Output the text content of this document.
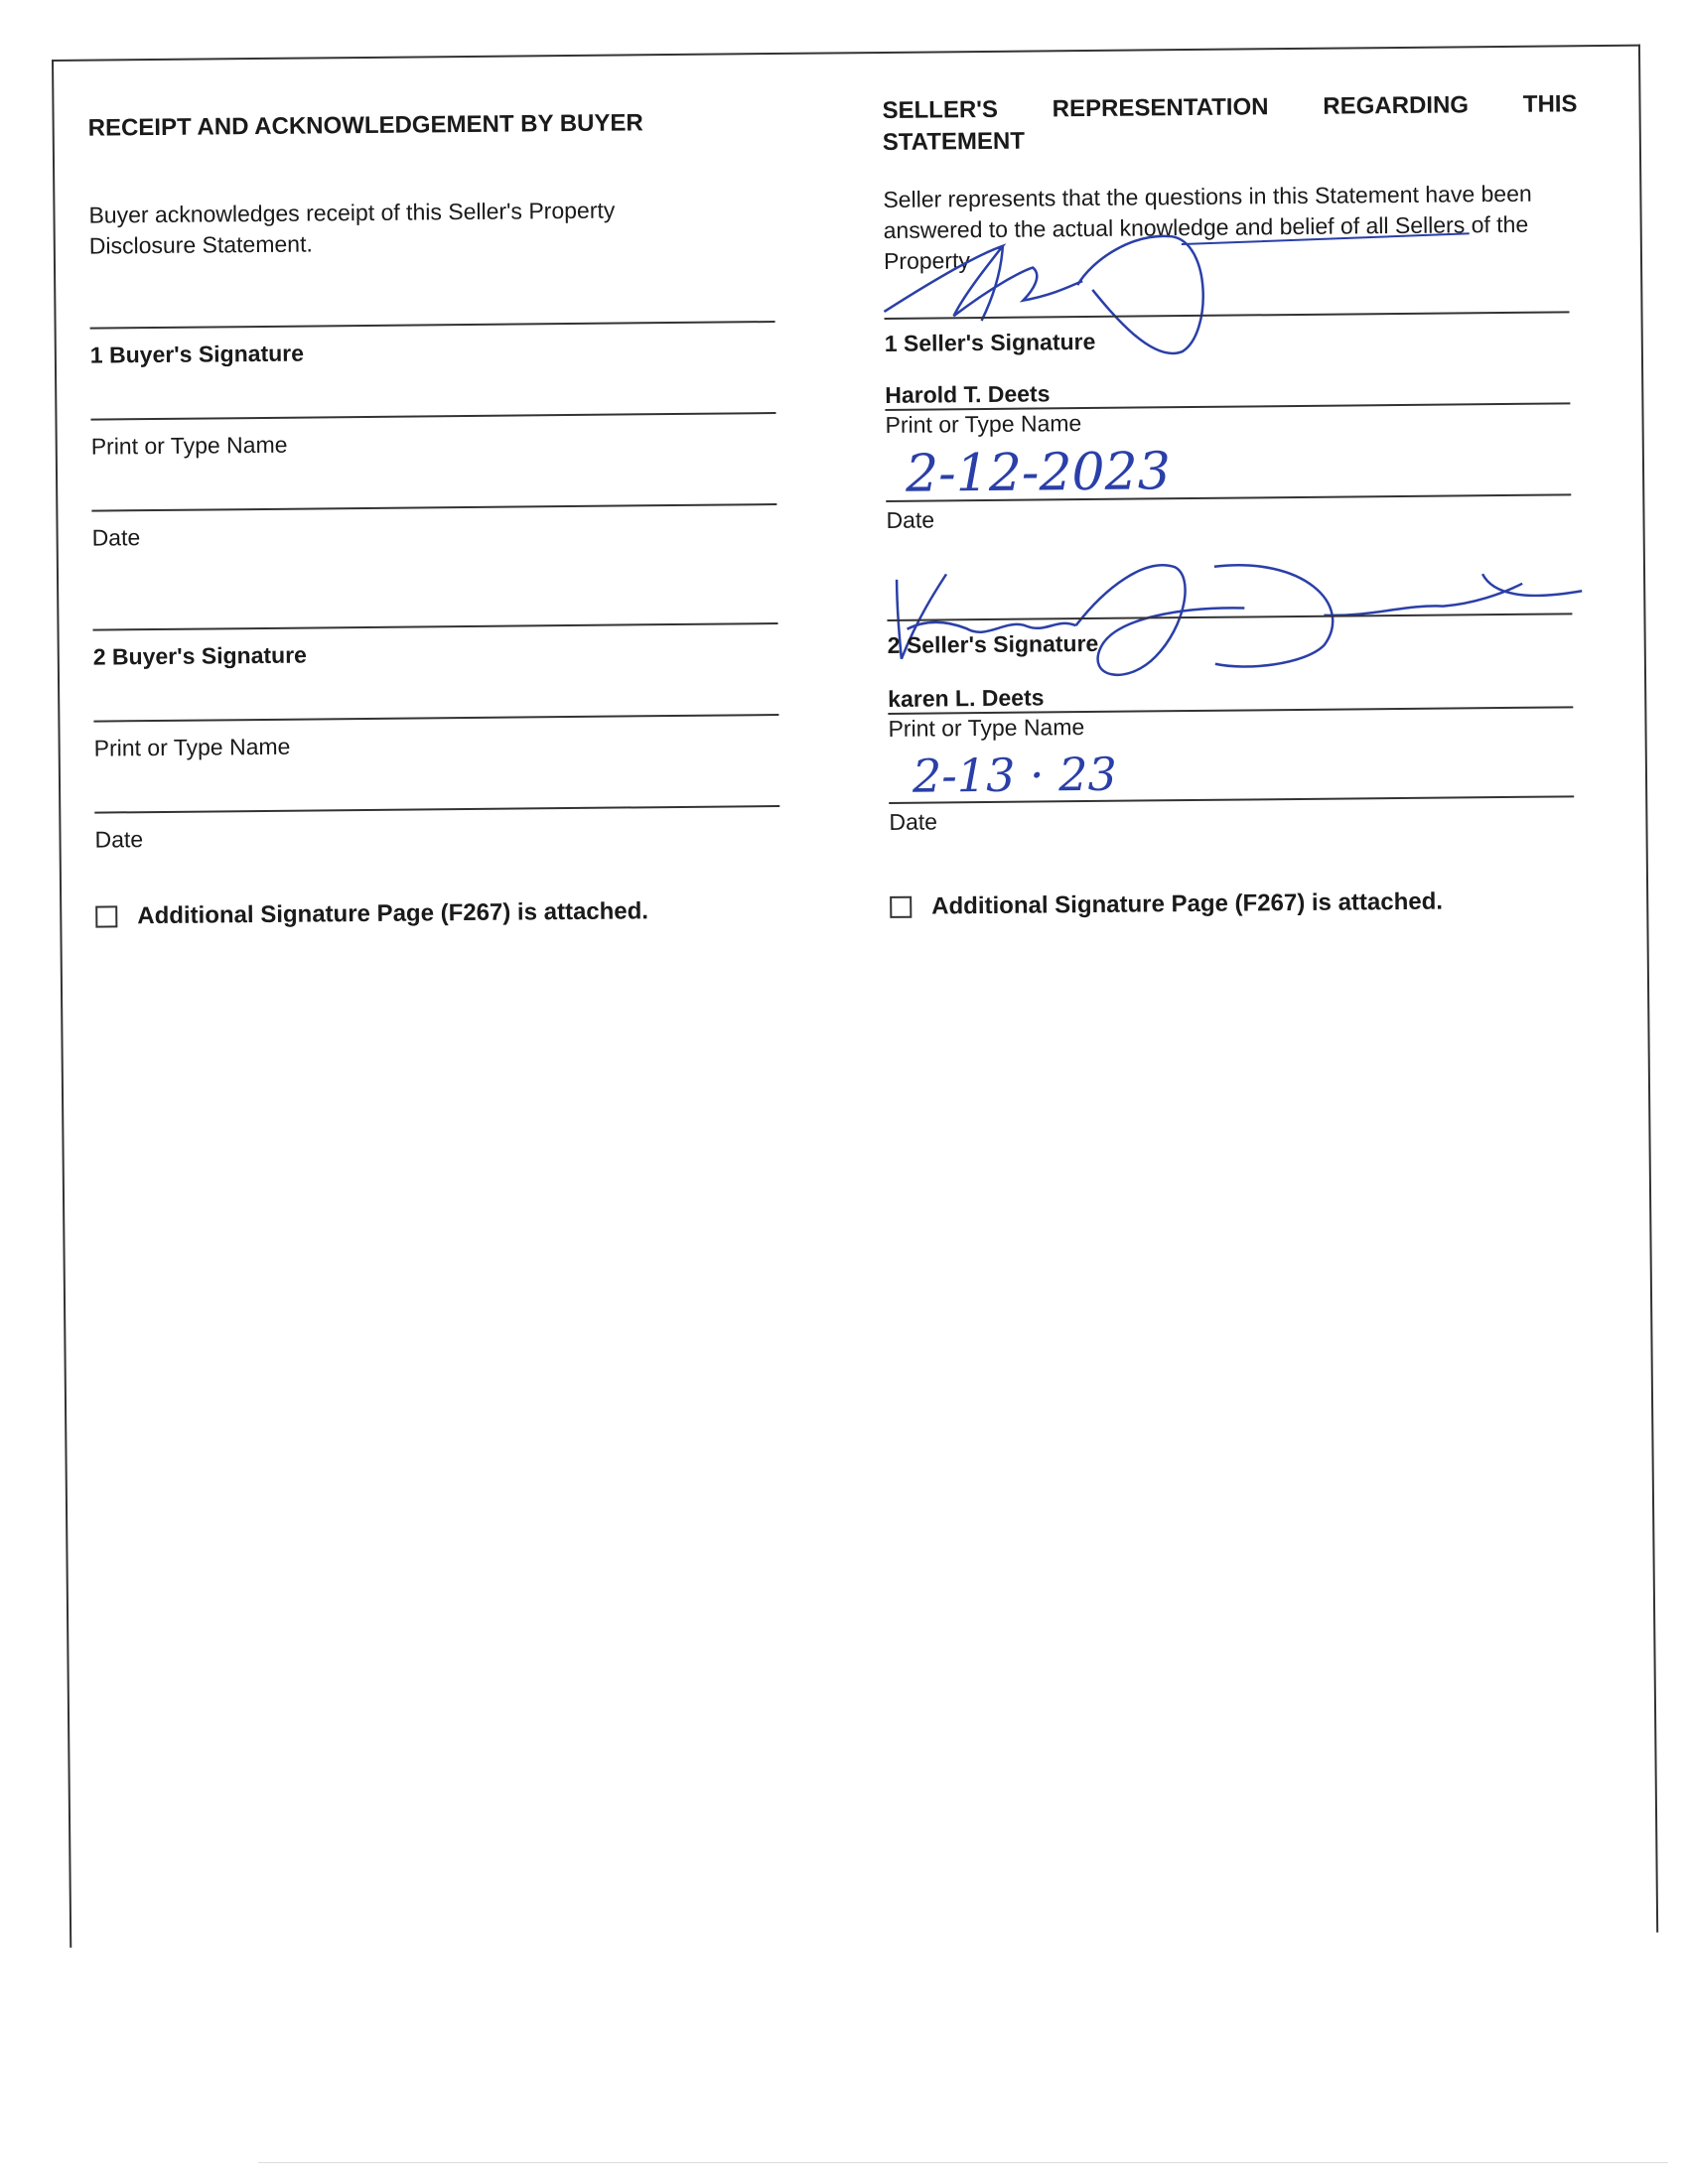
RECEIPT AND ACKNOWLEDGEMENT BY BUYER

Buyer acknowledges receipt of this Seller's Property Disclosure Statement.

1 Buyer's Signature
Print or Type Name
Date
2 Buyer's Signature
Print or Type Name
Date
Additional Signature Page (F267) is attached.
SELLER'S REPRESENTATION REGARDING THIS
STATEMENT

Seller represents that the questions in this Statement have been answered to the actual knowledge and belief of all Sellers of the Property

1 Seller's Signature
Harold T. Deets
Print or Type Name
2-12-2023
Date
2 Seller's Signature
karen L. Deets
Print or Type Name
2-13 · 23
Date
Additional Signature Page (F267) is attached.
